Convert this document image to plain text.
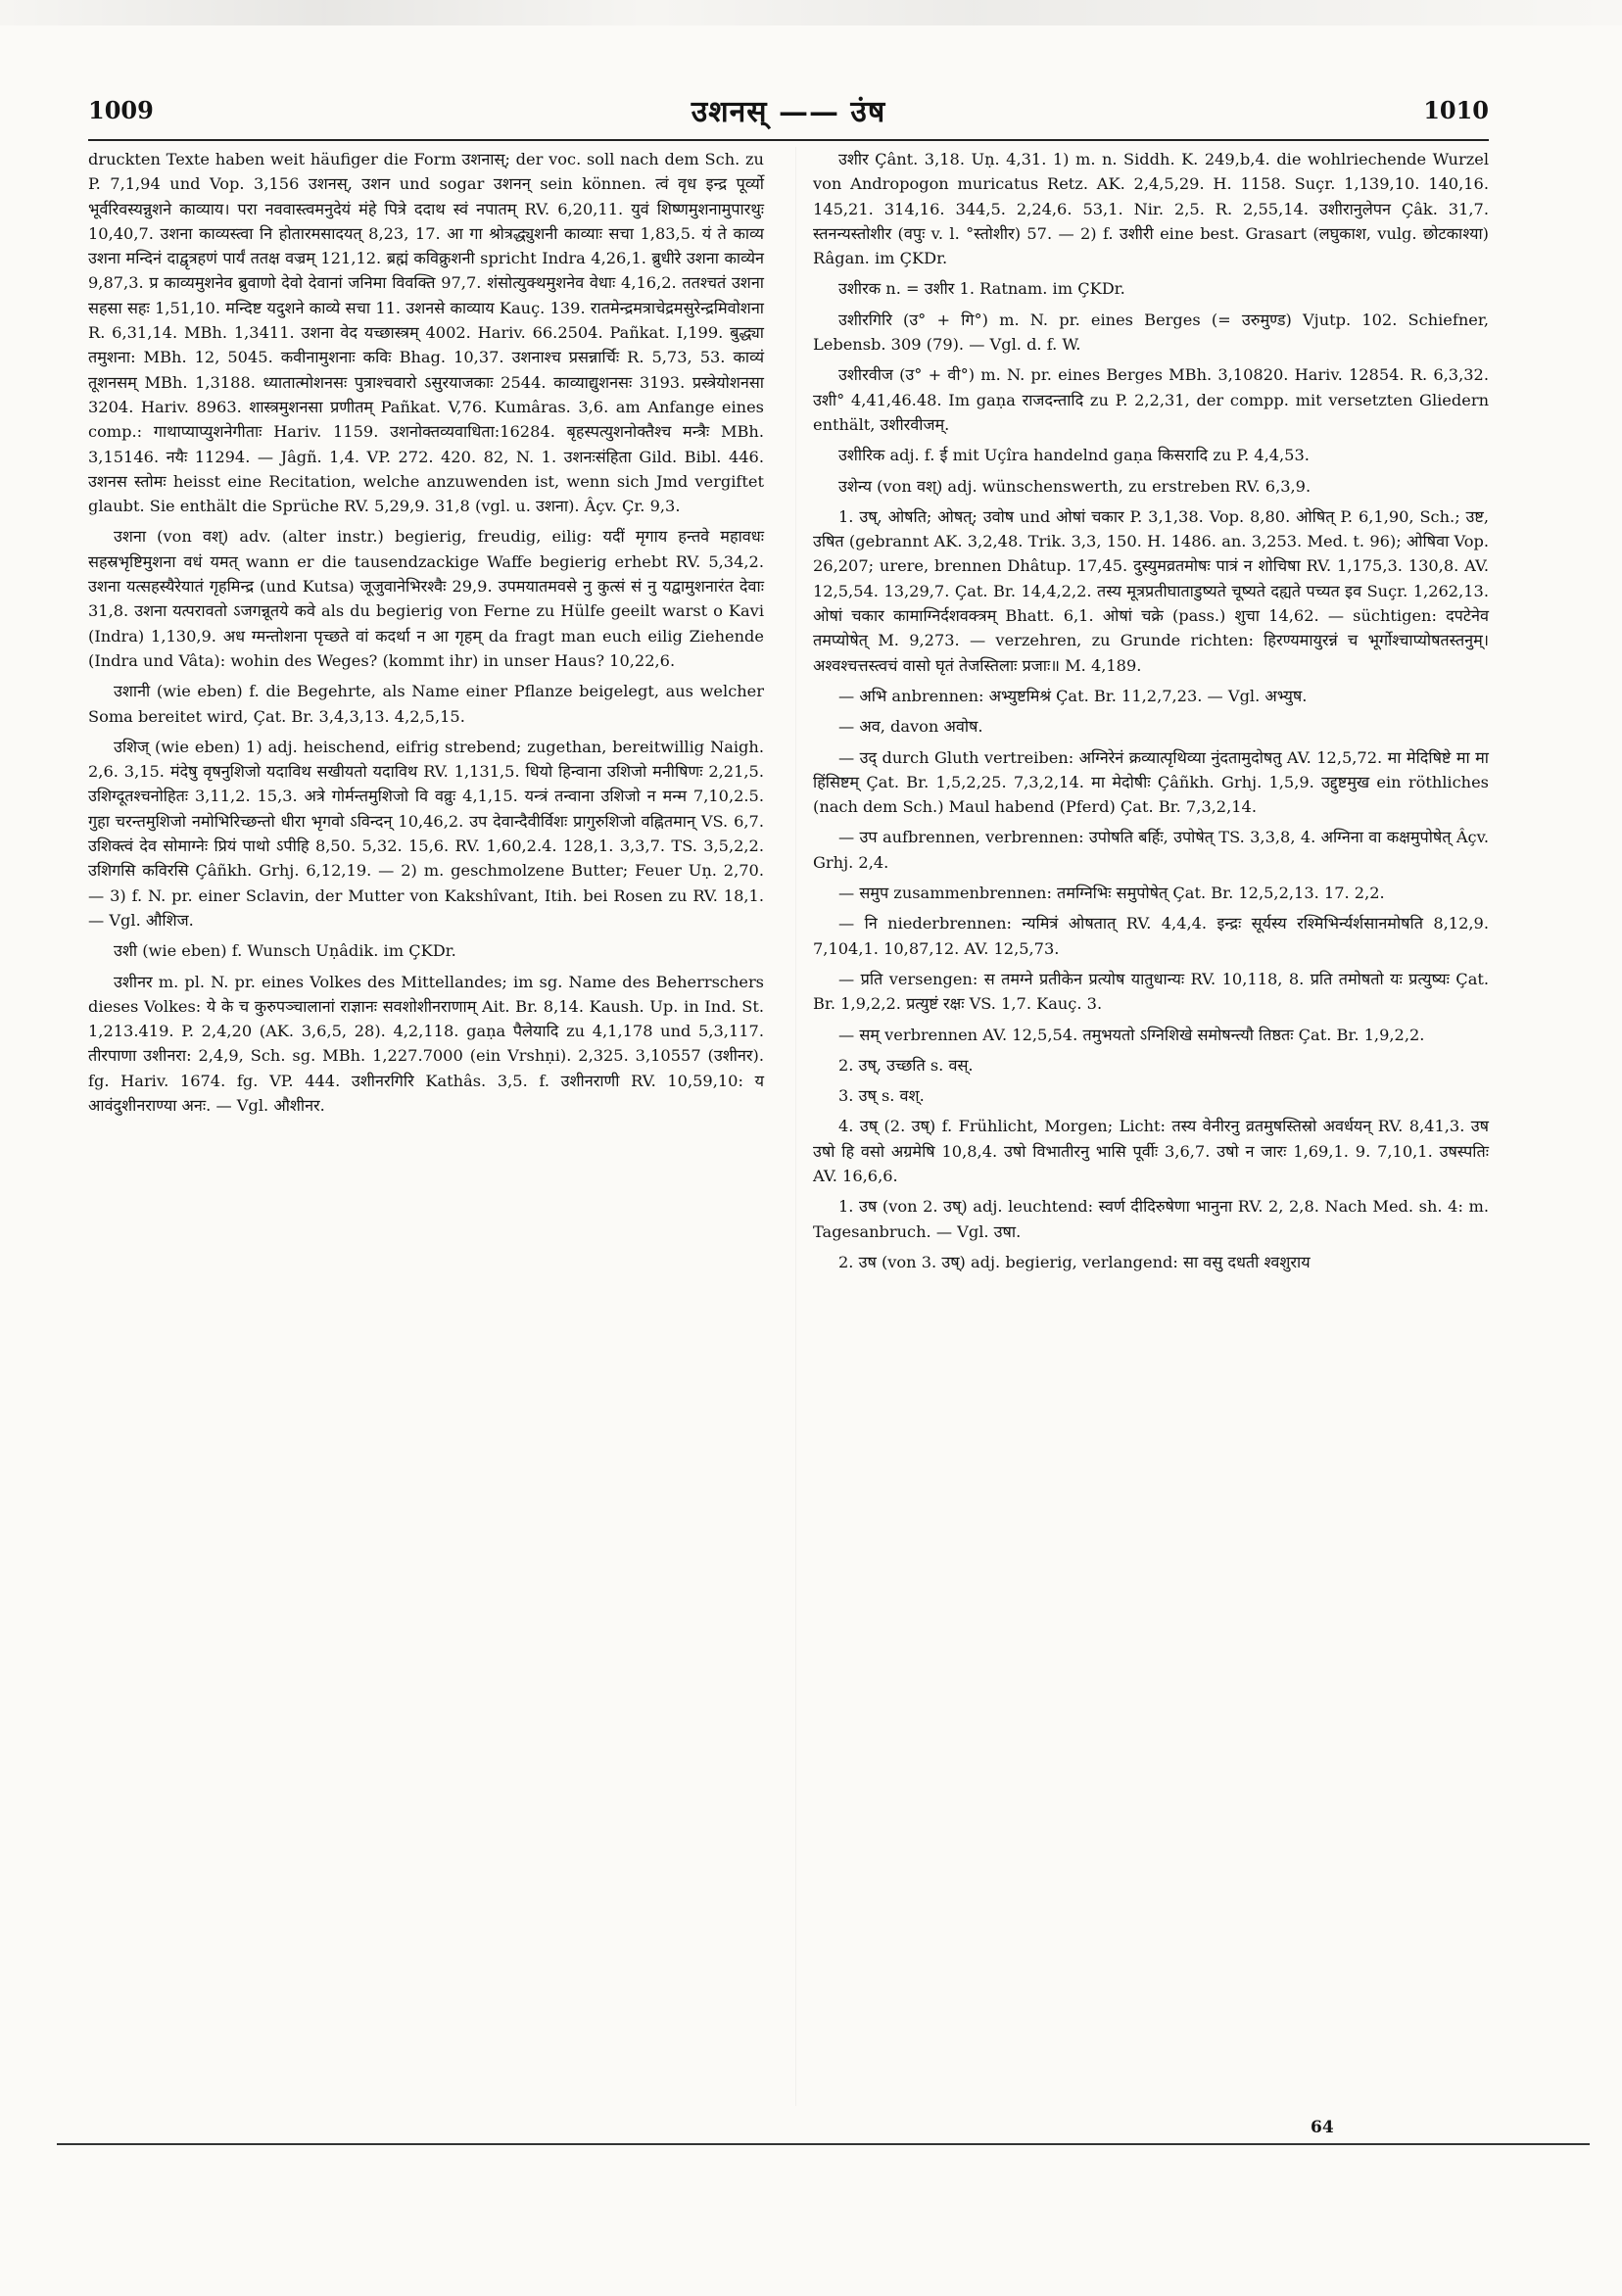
1009	उशनस् —— उंष	1010

druckten Texte haben weit häufiger die Form उशनास्; der voc. soll nach dem Sch. zu P. 7,1,94 und Vop. 3,156 उशनस्, उशन und sogar उशनन् sein können. त्वं वृध इन्द्र पूर्व्यो भूर्वरिवस्यन्नुशने काव्याय। परा नववास्त्वमनुदेयं मंहे पित्रे ददाथ स्वं नपातम् RV. 6,20,11. युवं शिष्णमुशनामुपारथुः 10,40,7. उशना काव्यस्त्वा नि होतारमसादयत् 8,23, 17. आ गा श्रोत्रद्ध्युशनी काव्याः सचा 1,83,5. यं ते काव्य उशना मन्दिनं दाद्वृत्रहणं पार्यं ततक्ष वज्रम् 121,12. ब्रह्मं कविक्रुशनी spricht Indra 4,26,1. ब्रुधीरे उशना काव्येन 9,87,3. प्र काव्यमुशनेव ब्रुवाणो देवो देवानां जनिमा विवक्ति 97,7. शंसोत्युक्थमुशनेव वेधाः 4,16,2. ततश्चतं उशना सहसा सहः 1,51,10. मन्दिष्ट यदुशने काव्ये सचा 11. उशनसे काव्याय Kauç. 139. रातमेन्द्रमत्राचेद्रमसुरेन्द्रमिवोशना R. 6,31,14. MBh. 1,3411. उशना वेद यच्छास्त्रम् 4002. Hariv. 66.2504. Pañkat. I,199. बुद्ध्या तमुशना: MBh. 12, 5045. कवीनामुशनाः कविः Bhag. 10,37. उशनाश्च प्रसन्नार्चिः R. 5,73, 53. काव्यं तूशनसम् MBh. 1,3188. ध्यातात्मोशनसः पुत्राश्चवारो ऽसुरयाजकाः 2544. काव्याद्युशनसः 3193. प्रस्त्रेयोशनसा 3204. Hariv. 8963. शास्त्रमुशनसा प्रणीतम् Pañkat. V,76. Kumâras. 3,6. am Anfange eines comp.: गाथाप्याप्युशनेगीताः Hariv. 1159. उशनोक्तव्यवाधिता:16284. बृहस्पत्युशनोक्तैश्च मन्त्रैः MBh. 3,15146. नयैः 11294. — Jâgñ. 1,4. VP. 272. 420. 82, N. 1. उशनःसंहिता Gild. Bibl. 446. उशनस स्तोमः heisst eine Recitation, welche anzuwenden ist, wenn sich Jmd vergiftet glaubt. Sie enthält die Sprüche RV. 5,29,9. 31,8 (vgl. u. उशना). Âçv. Çr. 9,3.

उशना (von वश्) adv. (alter instr.) begierig, freudig, eilig: यदीं मृगाय हन्तवे महावधः सहस्रभृष्टिमुशना वधं यमत् wann er die tausendzackige Waffe begierig erhebt RV. 5,34,2. उशना यत्सहस्यैरेयातं गृहमिन्द्र (und Kutsa) जूजुवानेभिरश्वैः 29,9. उपमयातमवसे नु कुत्सं सं नु यद्वामुशनारंत देवाः 31,8. उशना यत्परावतो ऽजगन्नूतये कवे als du begierig von Ferne zu Hülfe geeilt warst o Kavi (Indra) 1,130,9. अध ग्मन्तोशना पृच्छते वां कदर्था न आ गृहम् da fragt man euch eilig Ziehende (Indra und Vâta): wohin des Weges? (kommt ihr) in unser Haus? 10,22,6.

उशानी (wie eben) f. die Begehrte, als Name einer Pflanze beigelegt, aus welcher Soma bereitet wird, Çat. Br. 3,4,3,13. 4,2,5,15.

उशिज् (wie eben) 1) adj. heischend, eifrig strebend; zugethan, bereitwillig Naigh. 2,6. 3,15. मंदेषु वृषनुशिजो यदाविथ सखीयतो यदाविथ RV. 1,131,5. धियो हिन्वाना उशिजो मनीषिणः 2,21,5. उशिग्दूतश्चनोहितः 3,11,2. 15,3. अत्रे गोर्मन्तमुशिजो वि वव्रुः 4,1,15. यन्त्रं तन्वाना उशिजो न मन्म 7,10,2.5. गुहा चरन्तमुशिजो नमोभिरिच्छन्तो धीरा भृगवो ऽविन्दन् 10,46,2. उप देवान्दैवीर्विशः प्रागुरुशिजो वह्नितमान् VS. 6,7. उशिक्त्वं देव सोमाग्नेः प्रियं पाथो ऽपीहि 8,50. 5,32. 15,6. RV. 1,60,2.4. 128,1. 3,3,7. TS. 3,5,2,2. उशिगसि कविरसि Çâñkh. Grhj. 6,12,19. — 2) m. geschmolzene Butter; Feuer Uṇ. 2,70. — 3) f. N. pr. einer Sclavin, der Mutter von Kakshîvant, Itih. bei Rosen zu RV. 18,1. — Vgl. औशिज.

उशी (wie eben) f. Wunsch Uṇâdik. im ÇKDr.

उशीनर m. pl. N. pr. eines Volkes des Mittellandes; im sg. Name des Beherrschers dieses Volkes: ये के च कुरुपञ्चालानां राज्ञानः सवशोशीनराणाम् Ait. Br. 8,14. Kaush. Up. in Ind. St. 1,213.419. P. 2,4,20 (AK. 3,6,5, 28). 4,2,118. gaṇa पैलेयादि zu 4,1,178 und 5,3,117. तीरपाणा उशीनरा: 2,4,9, Sch. sg. MBh. 1,227.7000 (ein Vrshṇi). 2,325. 3,10557 (उशीनर). fg. Hariv. 1674. fg. VP. 444. उशीनरगिरि Kathâs. 3,5. f. उशीनराणी RV. 10,59,10: य आवंदुशीनराण्या अनः. — Vgl. औशीनर.

उशीर Çânt. 3,18. Uṇ. 4,31. 1) m. n. Siddh. K. 249,b,4. die wohlriechende Wurzel von Andropogon muricatus Retz. AK. 2,4,5,29. H. 1158. Suçr. 1,139,10. 140,16. 145,21. 314,16. 344,5. 2,24,6. 53,1. Nir. 2,5. R. 2,55,14. उशीरानुलेपन Çâk. 31,7. स्तनन्यस्तोशीर (वपुः v. l. °स्तोशीर) 57. — 2) f. उशीरी eine best. Grasart (लघुकाश, vulg. छोटकाश्या) Râgan. im ÇKDr.

उशीरक n. = उशीर 1. Ratnam. im ÇKDr.

उशीरगिरि (उ° + गि°) m. N. pr. eines Berges (= उरुमुण्ड) Vjutp. 102. Schiefner, Lebensb. 309 (79). — Vgl. d. f. W.

उशीरवीज (उ° + वी°) m. N. pr. eines Berges MBh. 3,10820. Hariv. 12854. R. 6,3,32. उशी° 4,41,46.48. Im gaṇa राजदन्तादि zu P. 2,2,31, der compp. mit versetzten Gliedern enthält, उशीरवीजम्.

उशीरिक adj. f. ई mit Uçîra handelnd gaṇa किसरादि zu P. 4,4,53.

उशेन्य (von वश्) adj. wünschenswerth, zu erstreben RV. 6,3,9.

1. उष्, ओषति; ओषत्; उवोष und ओषां चकार P. 3,1,38. Vop. 8,80. ओषित् P. 6,1,90, Sch.; उष्ट, उषित (gebrannt AK. 3,2,48. Trik. 3,3, 150. H. 1486. an. 3,253. Med. t. 96); ओषिवा Vop. 26,207; urere, brennen Dhâtup. 17,45. दुस्युमव्रतमोषः पात्रं न शोचिषा RV. 1,175,3. 130,8. AV. 12,5,54. 13,29,7. Çat. Br. 14,4,2,2. तस्य मूत्रप्रतीघाताडुष्यते चूष्यते दह्यते पच्यत इव Suçr. 1,262,13. ओषां चकार कामाग्निर्दशवक्त्रम् Bhatt. 6,1. ओषां चक्रे (pass.) शुचा 14,62. — süchtigen: दपटेनेव तमप्योषेत् M. 9,273. — verzehren, zu Grunde richten: हिरण्यमायुरन्नं च भूर्गोश्चाप्योषतस्तनुम्। अश्वश्चत्तस्त्वचं वासो घृतं तेजस्तिलाः प्रजाः॥ M. 4,189.

— अभि anbrennen: अभ्युष्टमिश्रं Çat. Br. 11,2,7,23. — Vgl. अभ्युष.

— अव, davon अवोष.

— उद् durch Gluth vertreiben: अग्निरेनं क्रव्यात्पृथिव्या नुंदतामुदोषतु AV. 12,5,72. मा मेदिषिष्टे मा मा हिंसिष्टम् Çat. Br. 1,5,2,25. 7,3,2,14. मा मेदोषीः Çâñkh. Grhj. 1,5,9. उद्दुष्टमुख ein röthliches (nach dem Sch.) Maul habend (Pferd) Çat. Br. 7,3,2,14.

— उप aufbrennen, verbrennen: उपोषति बर्हिः, उपोषेत् TS. 3,3,8, 4. अग्निना वा कक्षमुपोषेत् Âçv. Grhj. 2,4.

— समुप zusammenbrennen: तमग्निभिः समुपोषेत् Çat. Br. 12,5,2,13. 17. 2,2.

— नि niederbrennen: न्यमित्रं ओषतात् RV. 4,4,4. इन्द्रः सूर्यस्य रश्मिभिर्न्यर्शसानमोषति 8,12,9. 7,104,1. 10,87,12. AV. 12,5,73.

— प्रति versengen: स तमग्ने प्रतीकेन प्रत्योष यातुधान्यः RV. 10,118, 8. प्रति तमोषतो यः प्रत्युष्यः Çat. Br. 1,9,2,2. प्रत्युष्टं रक्षः VS. 1,7. Kauç. 3.

— सम् verbrennen AV. 12,5,54. तमुभयतो ऽग्निशिखे समोषन्त्यौ तिष्ठतः Çat. Br. 1,9,2,2.

2. उष्, उच्छति s. वस्.

3. उष् s. वश्.

4. उष् (2. उष्) f. Frühlicht, Morgen; Licht: तस्य वेनीरनु व्रतमुषस्तिस्रो अवर्धयन् RV. 8,41,3. उष उषो हि वसो अग्रमेषि 10,8,4. उषो विभातीरनु भासि पूर्वीः 3,6,7. उषो न जारः 1,69,1. 9. 7,10,1. उषस्पतिः AV. 16,6,6.

1. उष (von 2. उष्) adj. leuchtend: स्वर्ण दीदिरुषेणा भानुना RV. 2, 2,8. Nach Med. sh. 4: m. Tagesanbruch. — Vgl. उषा.

2. उष (von 3. उष्) adj. begierig, verlangend: सा वसु दधती श्वशुराय

64
